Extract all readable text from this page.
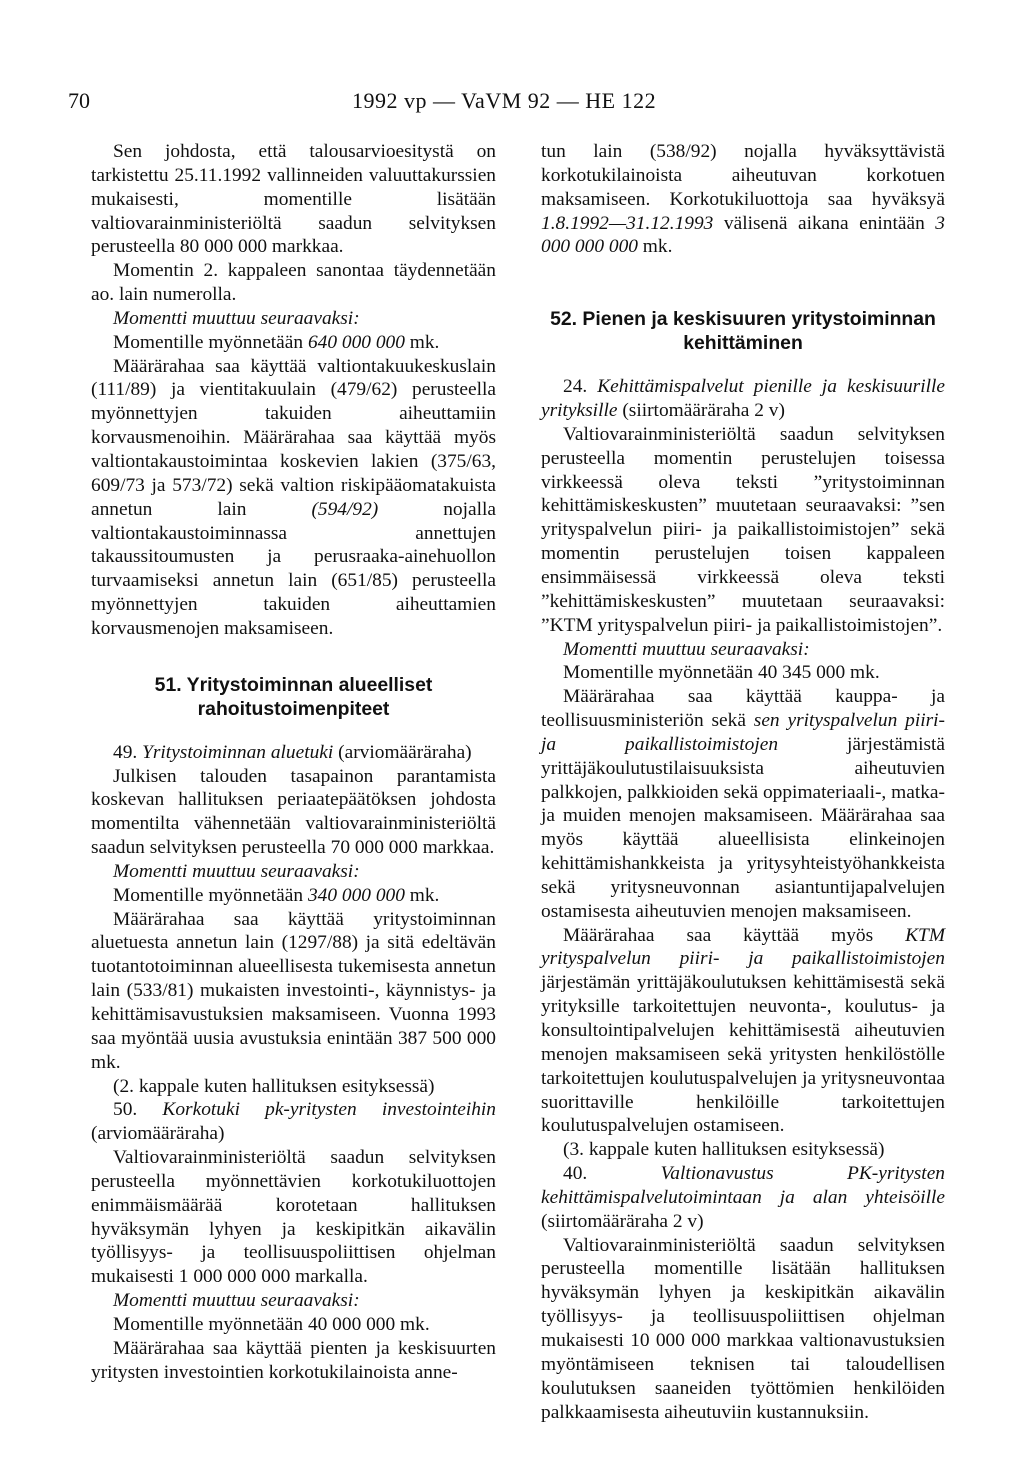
70	1992 vp — VaVM 92 — HE 122

Sen johdosta, että talousarvioesitystä on tarkistettu 25.11.1992 vallinneiden valuuttakurssien mukaisesti, momentille lisätään valtiovarainministeriöltä saadun selvityksen perusteella 80 000 000 markkaa.

Momentin 2. kappaleen sanontaa täydennetään ao. lain numerolla.

Momentti muuttuu seuraavaksi:

Momentille myönnetään 640 000 000 mk.

Määrärahaa saa käyttää valtiontakuukeskuslain (111/89) ja vientitakuulain (479/62) perusteella myönnettyjen takuiden aiheuttamiin korvausmenoihin. Määrärahaa saa käyttää myös valtiontakaustoimintaa koskevien lakien (375/63, 609/73 ja 573/72) sekä valtion riskipääomatakuista annetun lain (594/92) nojalla valtiontakaustoiminnassa annettujen takaussitoumusten ja perusraaka-ainehuollon turvaamiseksi annetun lain (651/85) perusteella myönnettyjen takuiden aiheuttamien korvausmenojen maksamiseen.

51. Yritystoiminnan alueelliset rahoitustoimenpiteet

49. Yritystoiminnan aluetuki (arviomääräraha)

Julkisen talouden tasapainon parantamista koskevan hallituksen periaatepäätöksen johdosta momentilta vähennetään valtiovarainministeriöltä saadun selvityksen perusteella 70 000 000 markkaa.

Momentti muuttuu seuraavaksi:

Momentille myönnetään 340 000 000 mk.

Määrärahaa saa käyttää yritystoiminnan aluetuesta annetun lain (1297/88) ja sitä edeltävän tuotantotoiminnan alueellisesta tukemisesta annetun lain (533/81) mukaisten investointi-, käynnistys- ja kehittämisavustuksien maksamiseen. Vuonna 1993 saa myöntää uusia avustuksia enintään 387 500 000 mk.

(2. kappale kuten hallituksen esityksessä)

50. Korkotuki pk-yritysten investointeihin (arviomääräraha)

Valtiovarainministeriöltä saadun selvityksen perusteella myönnettävien korkotukiluottojen enimmäismäärää korotetaan hallituksen hyväksymän lyhyen ja keskipitkän aikavälin työllisyys- ja teollisuuspoliittisen ohjelman mukaisesti 1 000 000 000 markalla.

Momentti muuttuu seuraavaksi:

Momentille myönnetään 40 000 000 mk.

Määrärahaa saa käyttää pienten ja keskisuurten yritysten investointien korkotukilainoista anne-

tun lain (538/92) nojalla hyväksyttävistä korkotukilainoista aiheutuvan korkotuen maksamiseen. Korkotukiluottoja saa hyväksyä 1.8.1992—31.12.1993 välisenä aikana enintään 3 000 000 000 mk.

52. Pienen ja keskisuuren yritystoiminnan kehittäminen

24. Kehittämispalvelut pienille ja keskisuurille yrityksille (siirtomääräraha 2 v)

Valtiovarainministeriöltä saadun selvityksen perusteella momentin perustelujen toisessa virkkeessä oleva teksti ”yritystoiminnan kehittämiskeskusten” muutetaan seuraavaksi: ”sen yrityspalvelun piiri- ja paikallistoimistojen” sekä momentin perustelujen toisen kappaleen ensimmäisessä virkkeessä oleva teksti ”kehittämiskeskusten” muutetaan seuraavaksi: ”KTM yrityspalvelun piiri- ja paikallistoimistojen”.

Momentti muuttuu seuraavaksi:

Momentille myönnetään 40 345 000 mk.

Määrärahaa saa käyttää kauppa- ja teollisuusministeriön sekä sen yrityspalvelun piiri- ja paikallistoimistojen järjestämistä yrittäjäkoulutustilaisuuksista aiheutuvien palkkojen, palkkioiden sekä oppimateriaali-, matka- ja muiden menojen maksamiseen. Määrärahaa saa myös käyttää alueellisista elinkeinojen kehittämishankkeista ja yritysyhteistyöhankkeista sekä yritysneuvonnan asiantuntijapalvelujen ostamisesta aiheutuvien menojen maksamiseen.

Määrärahaa saa käyttää myös KTM yrityspalvelun piiri- ja paikallistoimistojen järjestämän yrittäjäkoulutuksen kehittämisestä sekä yrityksille tarkoitettujen neuvonta-, koulutus- ja konsultointipalvelujen kehittämisestä aiheutuvien menojen maksamiseen sekä yritysten henkilöstölle tarkoitettujen koulutuspalvelujen ja yritysneuvontaa suorittaville henkilöille tarkoitettujen koulutuspalvelujen ostamiseen.

(3. kappale kuten hallituksen esityksessä)

40. Valtionavustus PK-yritysten kehittämispalvelutoimintaan ja alan yhteisöille (siirtomääräraha 2 v)

Valtiovarainministeriöltä saadun selvityksen perusteella momentille lisätään hallituksen hyväksymän lyhyen ja keskipitkän aikavälin työllisyys- ja teollisuuspoliittisen ohjelman mukaisesti 10 000 000 markkaa valtionavustuksien myöntämiseen teknisen tai taloudellisen koulutuksen saaneiden työttömien henkilöiden palkkaamisesta aiheutuviin kustannuksiin.
